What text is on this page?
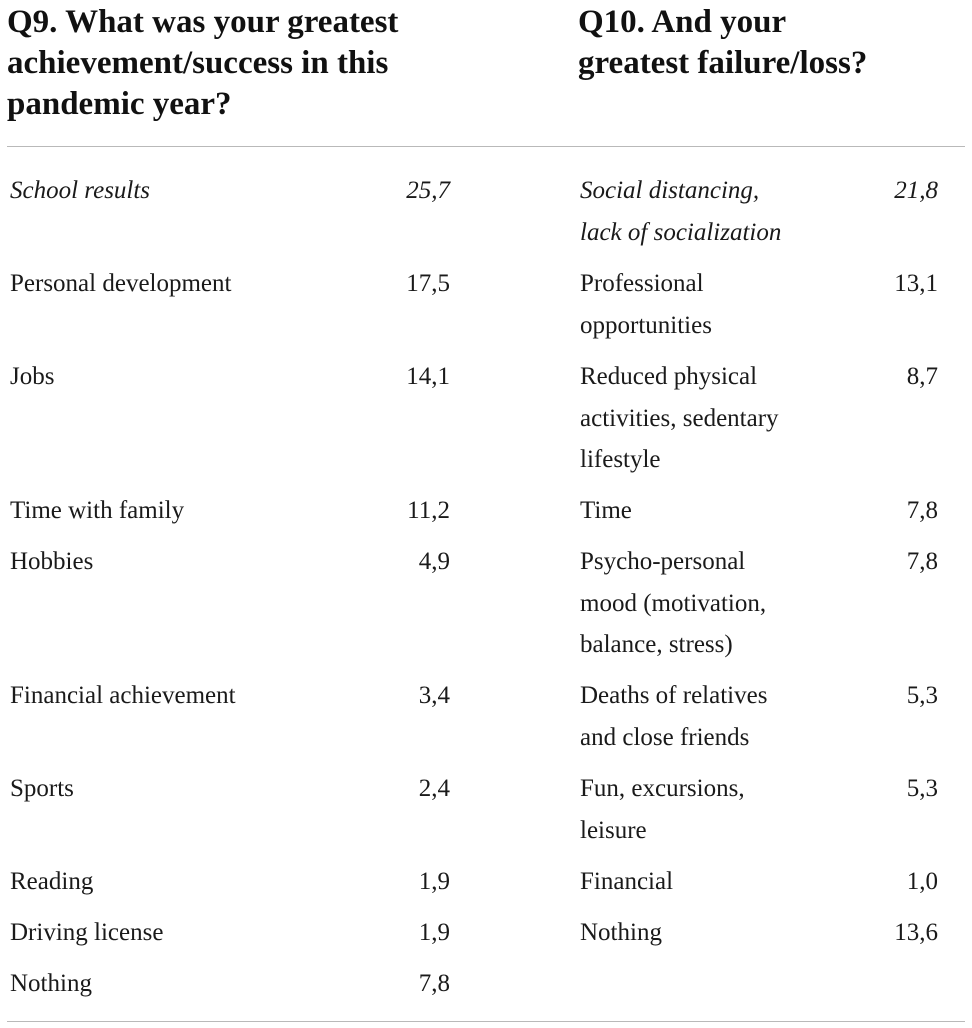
Q9. What was your greatest
achievement/success in this
pandemic year?
Q10. And your
greatest failure/loss?
School results	25,7
Personal development	17,5
Jobs	14,1
Time with family	11,2
Hobbies	4,9
Financial achievement	3,4
Sports	2,4
Reading	1,9
Driving license	1,9
Nothing	7,8
Social distancing,
lack of socialization
21,8
Professional
opportunities
13,1
Reduced physical
activities, sedentary
lifestyle
8,7
Time	7,8
Psycho-personal
mood (motivation,
balance, stress)
7,8
Deaths of relatives
and close friends
5,3
Fun, excursions,
leisure
5,3
Financial	1,0
Nothing	13,6
